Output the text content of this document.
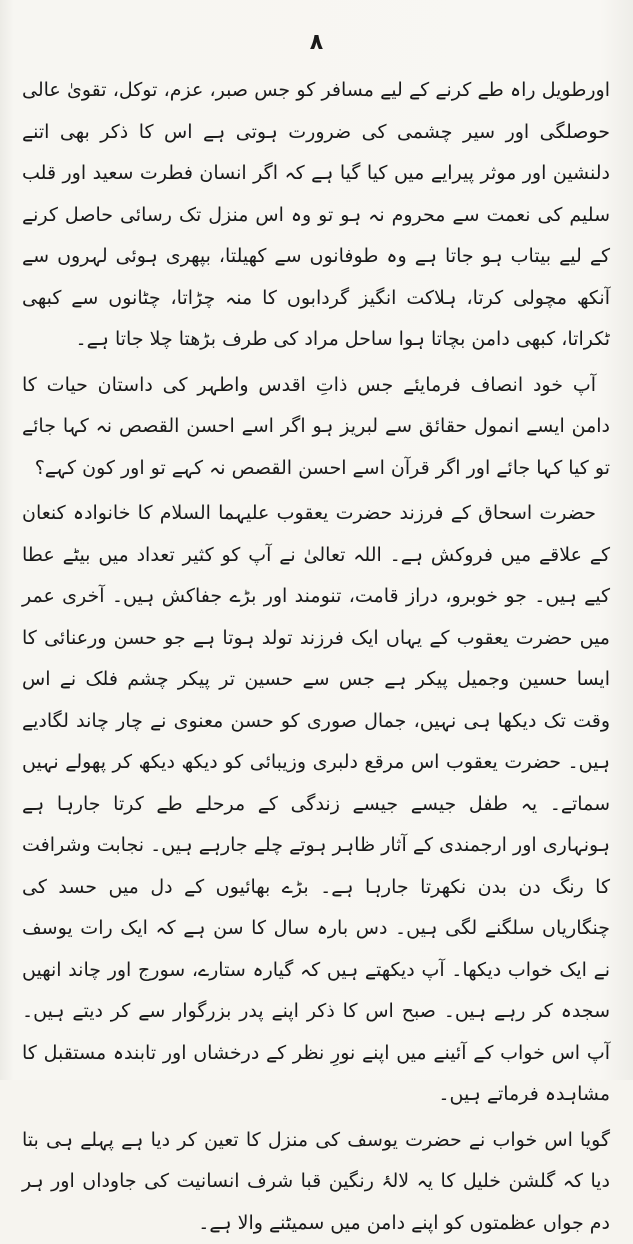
۸

اورطویل راہ طے کرنے کے لیے مسافر کو جس صبر، عزم، توکل، تقویٰ عالی حوصلگی اور سیر چشمی کی ضرورت ہوتی ہے اس کا ذکر بھی اتنے دلنشین اور موثر پیرایے میں کیا گیا ہے کہ اگر انسان فطرت سعید اور قلب سلیم کی نعمت سے محروم نہ ہو تو وہ اس منزل تک رسائی حاصل کرنے کے لیے بیتاب ہو جاتا ہے وہ طوفانوں سے کھیلتا، بپھری ہوئی لہروں سے آنکھ مچولی کرتا، ہلاکت انگیز گردابوں کا منہ چڑاتا، چٹانوں سے کبھی ٹکراتا، کبھی دامن بچاتا ہوا ساحل مراد کی طرف بڑھتا چلا جاتا ہے۔

آپ خود انصاف فرمایئے جس ذاتِ اقدس واطہر کی داستان حیات کا دامن ایسے انمول حقائق سے لبریز ہو اگر اسے احسن القصص نہ کہا جائے تو کیا کہا جائے اور اگر قرآن اسے احسن القصص نہ کہے تو اور کون کہے؟

حضرت اسحاق کے فرزند حضرت یعقوب علیہما السلام کا خانوادہ کنعان کے علاقے میں فروکش ہے۔ اللہ تعالیٰ نے آپ کو کثیر تعداد میں بیٹے عطا کیے ہیں۔ جو خوبرو، دراز قامت، تنومند اور بڑے جفاکش ہیں۔ آخری عمر میں حضرت یعقوب کے یہاں ایک فرزند تولد ہوتا ہے جو حسن ورعنائی کا ایسا حسین وجمیل پیکر ہے جس سے حسین تر پیکر چشم فلک نے اس وقت تک دیکھا ہی نہیں، جمال صوری کو حسن معنوی نے چار چاند لگادیے ہیں۔ حضرت یعقوب اس مرقع دلبری وزیبائی کو دیکھ دیکھ کر پھولے نہیں سماتے۔ یہ طفل جیسے جیسے زندگی کے مرحلے طے کرتا جارہا ہے ہونہاری اور ارجمندی کے آثار ظاہر ہوتے چلے جارہے ہیں۔ نجابت وشرافت کا رنگ دن بدن نکھرتا جارہا ہے۔ بڑے بھائیوں کے دل میں حسد کی چنگاریاں سلگنے لگی ہیں۔ دس بارہ سال کا سن ہے کہ ایک رات یوسف نے ایک خواب دیکھا۔ آپ دیکھتے ہیں کہ گیارہ ستارے، سورج اور چاند انھیں سجدہ کر رہے ہیں۔ صبح اس کا ذکر اپنے پدر بزرگوار سے کر دیتے ہیں۔ آپ اس خواب کے آئینے میں اپنے نورِ نظر کے درخشاں اور تابندہ مستقبل کا مشاہدہ فرماتے ہیں۔

گویا اس خواب نے حضرت یوسف کی منزل کا تعین کر دیا ہے پہلے ہی بتا دیا کہ گلشن خلیل کا یہ لالۂ رنگین قبا شرف انسانیت کی جاوداں اور ہر دم جواں عظمتوں کو اپنے دامن میں سمیٹنے والا ہے۔
